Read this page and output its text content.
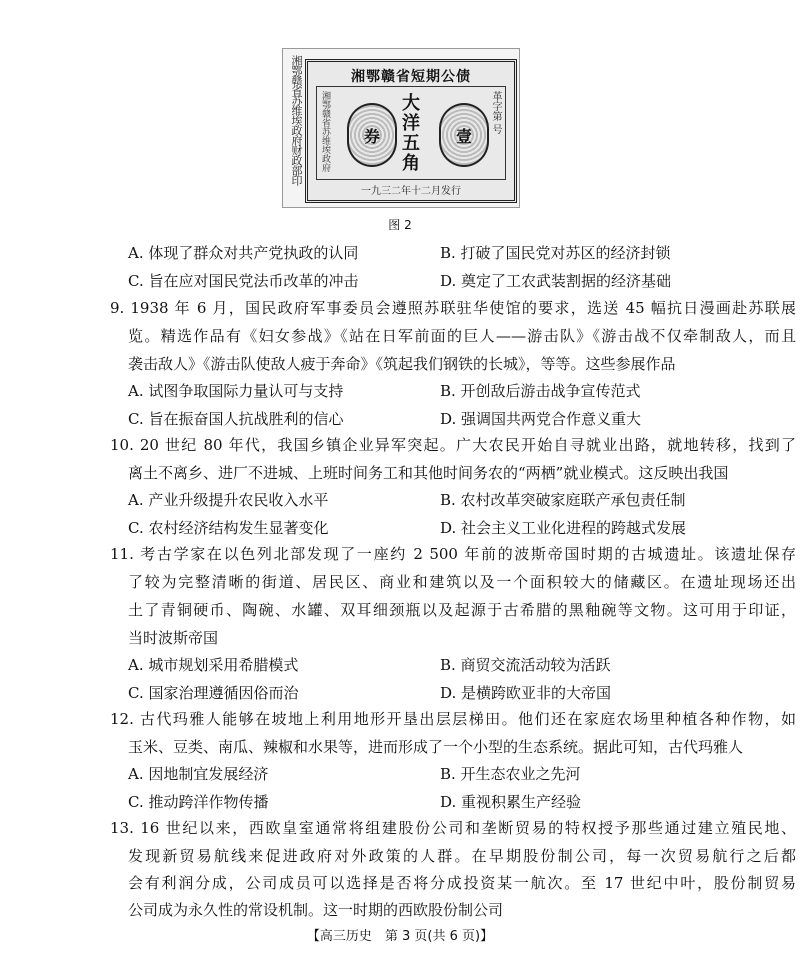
湘鄂赣省苏维埃政府财政部印	湘鄂赣省短期公债
湘鄂赣省苏维埃政府 券 大洋五角 壹
革字第 号
一九三二年十二月发行
图 2
A. 体现了群众对共产党执政的认同	B. 打破了国民党对苏区的经济封锁
C. 旨在应对国民党法币改革的冲击	D. 奠定了工农武装割据的经济基础
9. 1938 年 6 月，国民政府军事委员会遵照苏联驻华使馆的要求，选送 45 幅抗日漫画赴苏联展
览。精选作品有《妇女参战》《站在日军前面的巨人——游击队》《游击战不仅牵制敌人，而且
袭击敌人》《游击队使敌人疲于奔命》《筑起我们钢铁的长城》，等等。这些参展作品
A. 试图争取国际力量认可与支持	B. 开创敌后游击战争宣传范式
C. 旨在振奋国人抗战胜利的信心	D. 强调国共两党合作意义重大
10. 20 世纪 80 年代，我国乡镇企业异军突起。广大农民开始自寻就业出路，就地转移，找到了
离土不离乡、进厂不进城、上班时间务工和其他时间务农的“两栖”就业模式。这反映出我国
A. 产业升级提升农民收入水平	B. 农村改革突破家庭联产承包责任制
C. 农村经济结构发生显著变化	D. 社会主义工业化进程的跨越式发展
11. 考古学家在以色列北部发现了一座约 2 500 年前的波斯帝国时期的古城遗址。该遗址保存
了较为完整清晰的街道、居民区、商业和建筑以及一个面积较大的储藏区。在遗址现场还出
土了青铜硬币、陶碗、水罐、双耳细颈瓶以及起源于古希腊的黑釉碗等文物。这可用于印证，
当时波斯帝国
A. 城市规划采用希腊模式	B. 商贸交流活动较为活跃
C. 国家治理遵循因俗而治	D. 是横跨欧亚非的大帝国
12. 古代玛雅人能够在坡地上利用地形开垦出层层梯田。他们还在家庭农场里种植各种作物，如
玉米、豆类、南瓜、辣椒和水果等，进而形成了一个小型的生态系统。据此可知，古代玛雅人
A. 因地制宜发展经济	B. 开生态农业之先河
C. 推动跨洋作物传播	D. 重视积累生产经验
13. 16 世纪以来，西欧皇室通常将组建股份公司和垄断贸易的特权授予那些通过建立殖民地、
发现新贸易航线来促进政府对外政策的人群。在早期股份制公司，每一次贸易航行之后都
会有利润分成，公司成员可以选择是否将分成投资某一航次。至 17 世纪中叶，股份制贸易
公司成为永久性的常设机制。这一时期的西欧股份制公司
【高三历史　第 3 页(共 6 页)】
